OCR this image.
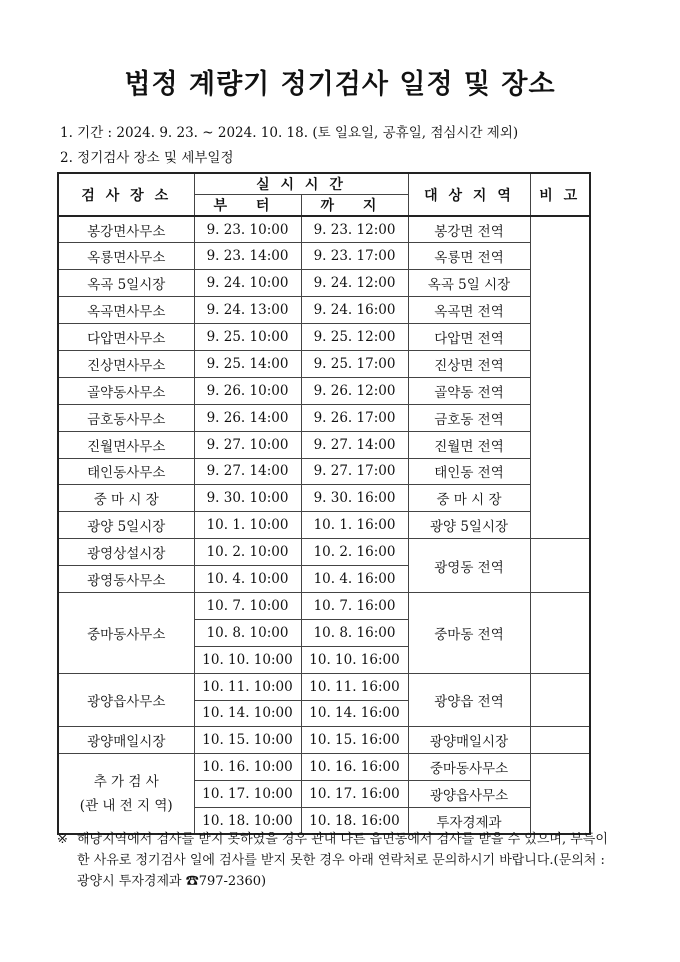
법정 계량기 정기검사 일정 및 장소
1. 기간 : 2024. 9. 23. ~ 2024. 10. 18. (토 일요일, 공휴일, 점심시간 제외)
2. 정기검사 장소 및 세부일정
검 사 장 소	실 시 시 간		대 상 지 역	비 고
	부 터	까 지		
봉강면사무소	9. 23. 10:00	9. 23. 12:00	봉강면 전역	
옥룡면사무소	9. 23. 14:00	9. 23. 17:00	옥룡면 전역	
옥곡 5일시장	9. 24. 10:00	9. 24. 12:00	옥곡 5일 시장	
옥곡면사무소	9. 24. 13:00	9. 24. 16:00	옥곡면 전역	
다압면사무소	9. 25. 10:00	9. 25. 12:00	다압면 전역	
진상면사무소	9. 25. 14:00	9. 25. 17:00	진상면 전역	
골약동사무소	9. 26. 10:00	9. 26. 12:00	골약동 전역	
금호동사무소	9. 26. 14:00	9. 26. 17:00	금호동 전역	
진월면사무소	9. 27. 10:00	9. 27. 14:00	진월면 전역	
태인동사무소	9. 27. 14:00	9. 27. 17:00	태인동 전역	
중 마 시 장	9. 30. 10:00	9. 30. 16:00	중 마 시 장	
광양 5일시장	10. 1. 10:00	10. 1. 16:00	광양 5일시장	
광영상설시장	10. 2. 10:00	10. 2. 16:00	광영동 전역	
광영동사무소	10. 4. 10:00	10. 4. 16:00		
중마동사무소	10. 7. 10:00	10. 7. 16:00	중마동 전역	
	10. 8. 10:00	10. 8. 16:00		
	10. 10. 10:00	10. 10. 16:00		
광양읍사무소	10. 11. 10:00	10. 11. 16:00	광양읍 전역	
	10. 14. 10:00	10. 14. 16:00		
광양매일시장	10. 15. 10:00	10. 15. 16:00	광양매일시장	

추 가 검 사
(관 내 전 지 역)	10. 16. 10:00	10. 16. 16:00	중마동사무소	
	10. 17. 10:00	10. 17. 16:00	광양읍사무소	
	10. 18. 10:00	10. 18. 16:00	투자경제과	
※ 해당지역에서 검사를 받지 못하였을 경우 관내 다른 읍면동에서 검사를 받을 수 있으며, 부득이한 사유로 정기검사 일에 검사를 받지 못한 경우 아래 연락처로 문의하시기 바랍니다.(문의처 : 광양시 투자경제과 ☎797-2360)
